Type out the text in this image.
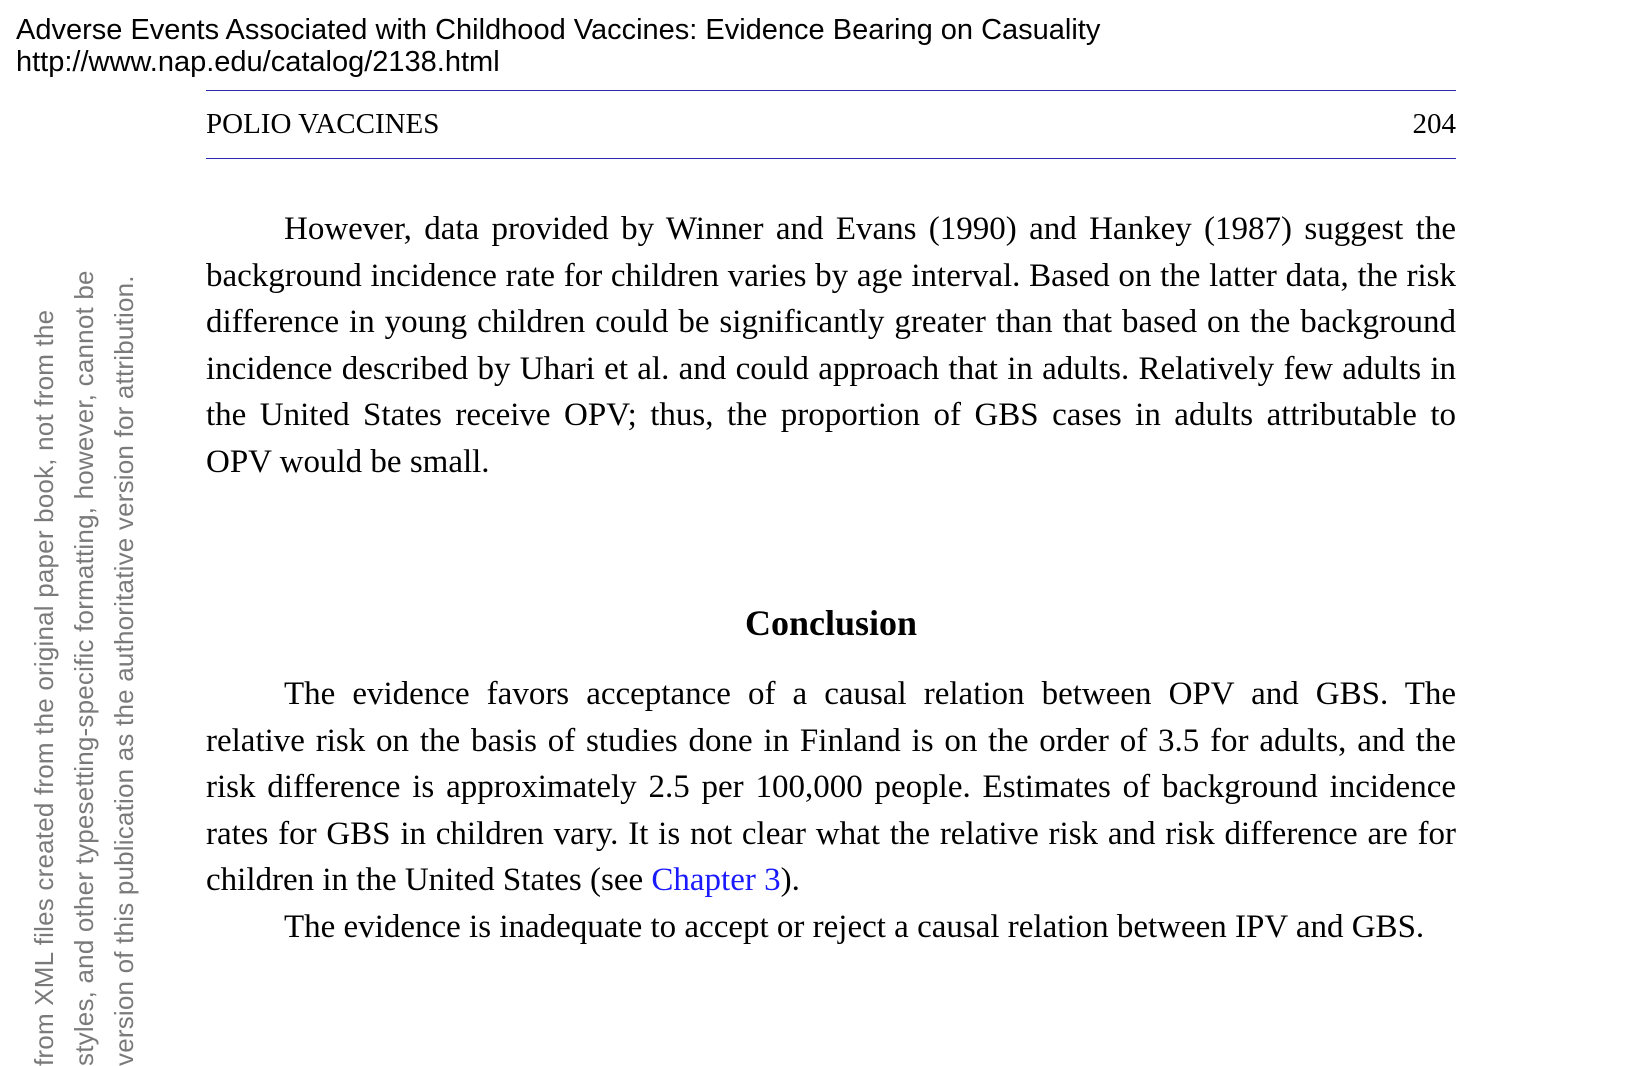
Adverse Events Associated with Childhood Vaccines: Evidence Bearing on Casuality
http://www.nap.edu/catalog/2138.html
from XML files created from the original paper book, not from the styles, and other typesetting-specific formatting, however, cannot be version of this publication as the authoritative version for attribution.
POLIO VACCINES	204

However, data provided by Winner and Evans (1990) and Hankey (1987) suggest the background incidence rate for children varies by age interval. Based on the latter data, the risk difference in young children could be significantly greater than that based on the background incidence described by Uhari et al. and could approach that in adults. Relatively few adults in the United States receive OPV; thus, the proportion of GBS cases in adults attributable to OPV would be small.

Conclusion

The evidence favors acceptance of a causal relation between OPV and GBS. The relative risk on the basis of studies done in Finland is on the order of 3.5 for adults, and the risk difference is approximately 2.5 per 100,000 people. Estimates of background incidence rates for GBS in children vary. It is not clear what the relative risk and risk difference are for children in the United States (see Chapter 3).

The evidence is inadequate to accept or reject a causal relation between IPV and GBS.
